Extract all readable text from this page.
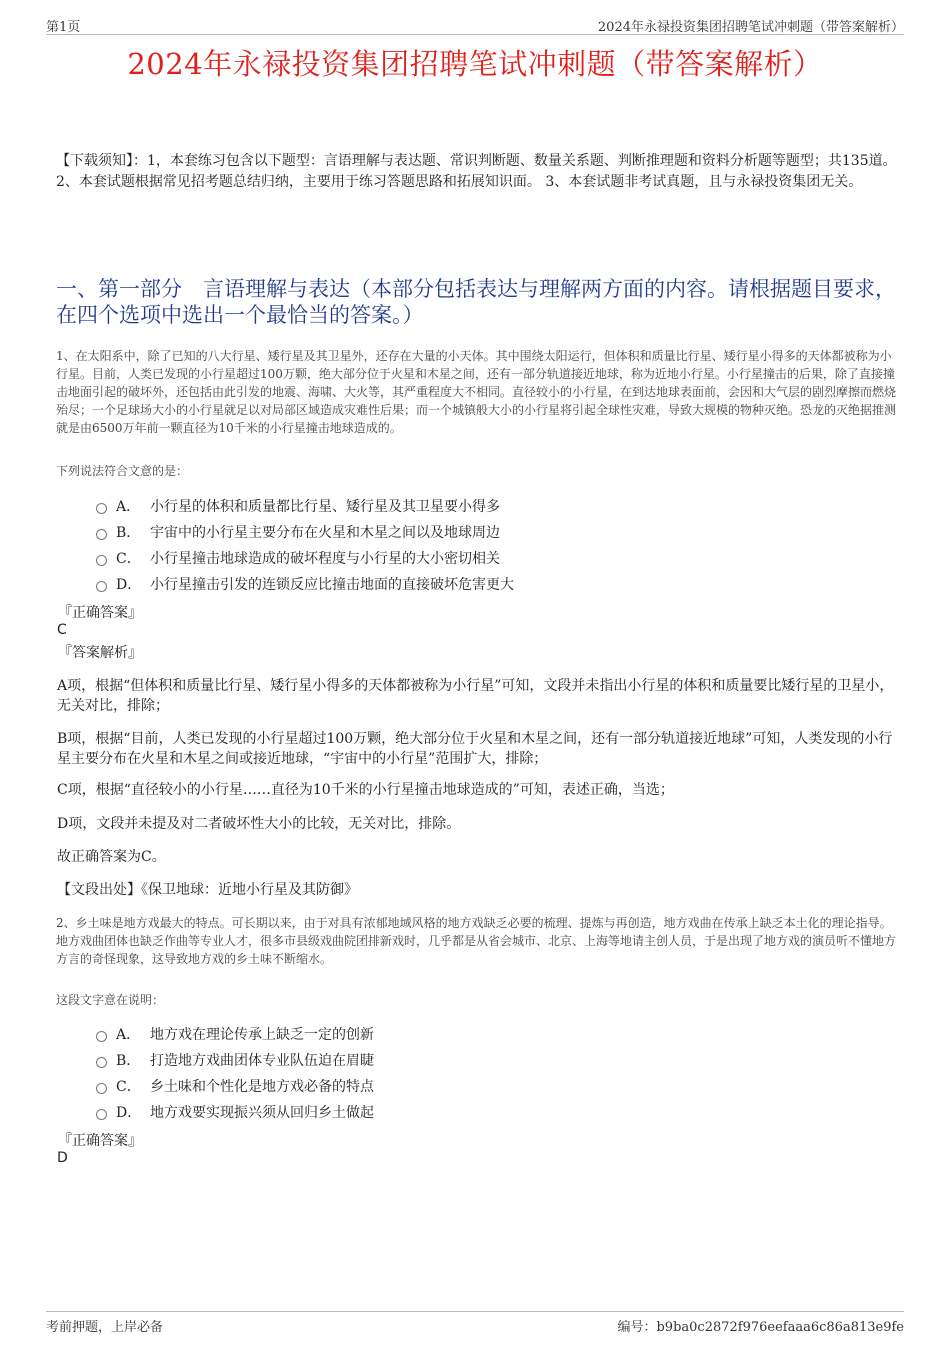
第1页	2024年永禄投资集团招聘笔试冲刺题（带答案解析）
2024年永禄投资集团招聘笔试冲刺题（带答案解析）
【下载须知】：1，本套练习包含以下题型：言语理解与表达题、常识判断题、数量关系题、判断推理题和资料分析题等题型；共135道。 2、本套试题根据常见招考题总结归纳，主要用于练习答题思路和拓展知识面。 3、本套试题非考试真题，且与永禄投资集团无关。
一、第一部分　言语理解与表达（本部分包括表达与理解两方面的内容。请根据题目要求，在四个选项中选出一个最恰当的答案。）
1、在太阳系中，除了已知的八大行星、矮行星及其卫星外，还存在大量的小天体。其中围绕太阳运行，但体积和质量比行星、矮行星小得多的天体都被称为小行星。目前，人类已发现的小行星超过100万颗，绝大部分位于火星和木星之间，还有一部分轨道接近地球，称为近地小行星。小行星撞击的后果，除了直接撞击地面引起的破坏外，还包括由此引发的地震、海啸、大火等，其严重程度大不相同。直径较小的小行星，在到达地球表面前，会因和大气层的剧烈摩擦而燃烧殆尽；一个足球场大小的小行星就足以对局部区域造成灾难性后果；而一个城镇般大小的小行星将引起全球性灾难，导致大规模的物种灭绝。恐龙的灭绝据推测就是由6500万年前一颗直径为10千米的小行星撞击地球造成的。
下列说法符合文意的是：
A． 小行星的体积和质量都比行星、矮行星及其卫星要小得多
B． 宇宙中的小行星主要分布在火星和木星之间以及地球周边
C． 小行星撞击地球造成的破坏程度与小行星的大小密切相关
D． 小行星撞击引发的连锁反应比撞击地面的直接破坏危害更大
『正确答案』
C
『答案解析』
A项，根据“但体积和质量比行星、矮行星小得多的天体都被称为小行星”可知，文段并未指出小行星的体积和质量要比矮行星的卫星小，无关对比，排除；
B项，根据“目前，人类已发现的小行星超过100万颗，绝大部分位于火星和木星之间，还有一部分轨道接近地球”可知，人类发现的小行星主要分布在火星和木星之间或接近地球，“宇宙中的小行星”范围扩大，排除；
C项，根据“直径较小的小行星……直径为10千米的小行星撞击地球造成的”可知，表述正确，当选；
D项，文段并未提及对二者破坏性大小的比较，无关对比，排除。
故正确答案为C。
【文段出处】《保卫地球：近地小行星及其防御》
2、乡土味是地方戏最大的特点。可长期以来，由于对具有浓郁地域风格的地方戏缺乏必要的梳理、提炼与再创造，地方戏曲在传承上缺乏本土化的理论指导。地方戏曲团体也缺乏作曲等专业人才，很多市县级戏曲院团排新戏时，几乎都是从省会城市、北京、上海等地请主创人员，于是出现了地方戏的演员听不懂地方方言的奇怪现象，这导致地方戏的乡土味不断缩水。
这段文字意在说明：
A． 地方戏在理论传承上缺乏一定的创新
B． 打造地方戏曲团体专业队伍迫在眉睫
C． 乡土味和个性化是地方戏必备的特点
D． 地方戏要实现振兴须从回归乡土做起
『正确答案』
D
考前押题，上岸必备	编号：b9ba0c2872f976eefaaa6c86a813e9fe
